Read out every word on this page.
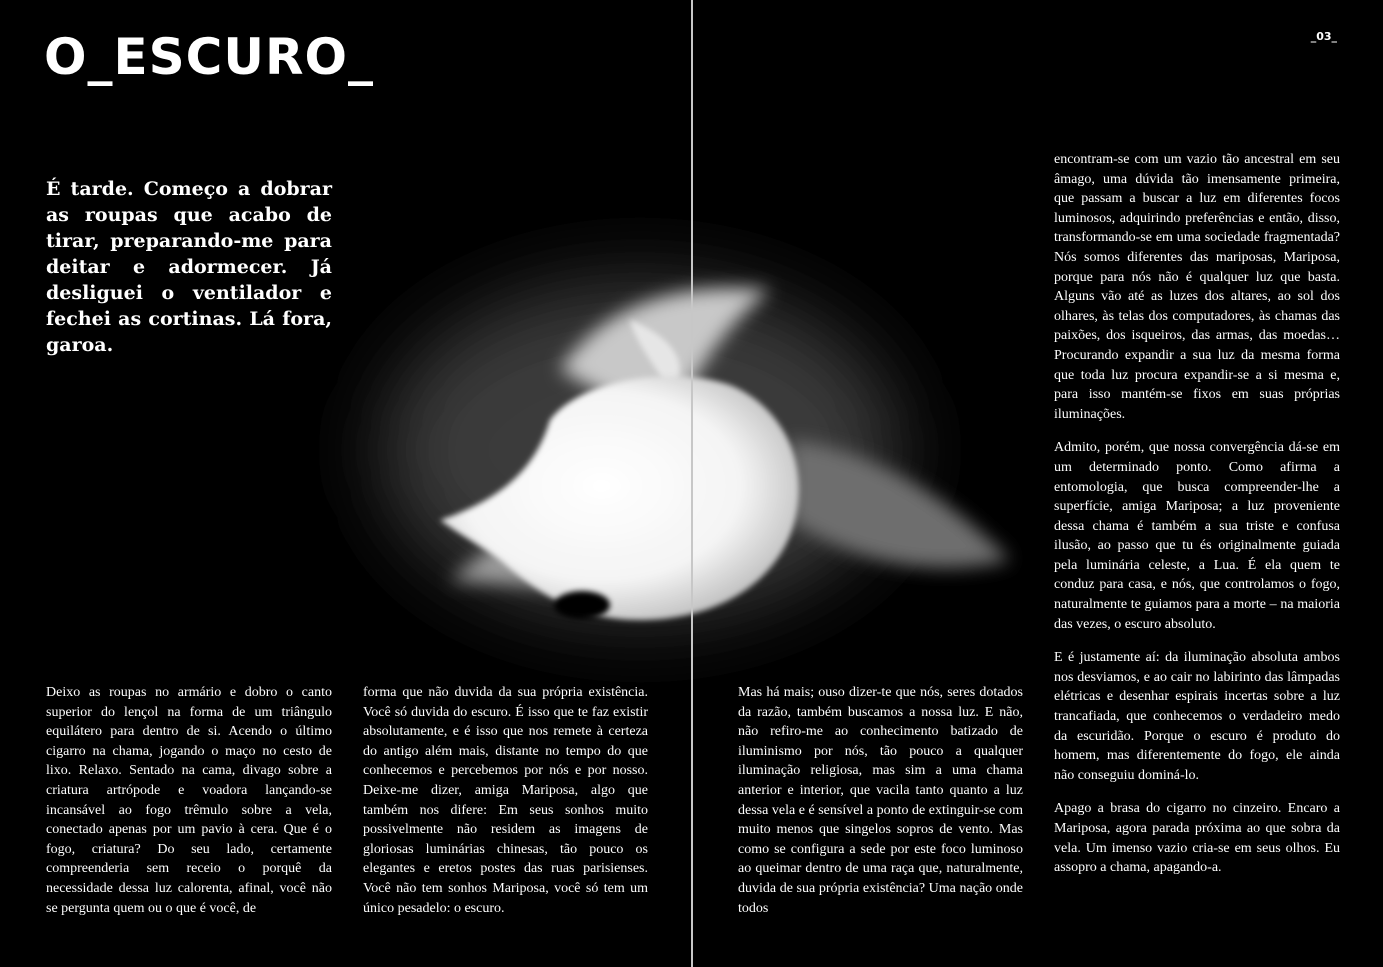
O_ESCURO_	_03_

É tarde. Começo a dobrar as roupas que acabo de tirar, preparando-me para deitar e adormecer. Já desliguei o ventilador e fechei as cortinas. Lá fora, garoa.

Deixo as roupas no armário e dobro o canto superior do lençol na forma de um triângulo equilátero para dentro de si. Acendo o último cigarro na chama, jogando o maço no cesto de lixo. Relaxo. Sentado na cama, divago sobre a criatura artrópode e voadora lançando-se incansável ao fogo trêmulo sobre a vela, conectado apenas por um pavio à cera. Que é o fogo, criatura? Do seu lado, certamente compreenderia sem receio o porquê da necessidade dessa luz calorenta, afinal, você não se pergunta quem ou o que é você, de

forma que não duvida da sua própria existência. Você só duvida do escuro. É isso que te faz existir absolutamente, e é isso que nos remete à certeza do antigo além mais, distante no tempo do que conhecemos e percebemos por nós e por nosso. Deixe-me dizer, amiga Mariposa, algo que também nos difere: Em seus sonhos muito possivelmente não residem as imagens de gloriosas luminárias chinesas, tão pouco os elegantes e eretos postes das ruas parisienses. Você não tem sonhos Mariposa, você só tem um único pesadelo: o escuro.

Mas há mais; ouso dizer-te que nós, seres dotados da razão, também buscamos a nossa luz. E não, não refiro-me ao conhecimento batizado de iluminismo por nós, tão pouco a qualquer iluminação religiosa, mas sim a uma chama anterior e interior, que vacila tanto quanto a luz dessa vela e é sensível a ponto de extinguir-se com muito menos que singelos sopros de vento. Mas como se configura a sede por este foco luminoso ao queimar dentro de uma raça que, naturalmente, duvida de sua própria existência? Uma nação onde todos

encontram-se com um vazio tão ancestral em seu âmago, uma dúvida tão imensamente primeira, que passam a buscar a luz em diferentes focos luminosos, adquirindo preferências e então, disso, transformando-se em uma sociedade fragmentada? Nós somos diferentes das mariposas, Mariposa, porque para nós não é qualquer luz que basta. Alguns vão até as luzes dos altares, ao sol dos olhares, às telas dos computadores, às chamas das paixões, dos isqueiros, das armas, das moedas… Procurando expandir a sua luz da mesma forma que toda luz procura expandir-se a si mesma e, para isso mantém-se fixos em suas próprias iluminações.

Admito, porém, que nossa convergência dá-se em um determinado ponto. Como afirma a entomologia, que busca compreender-lhe a superfície, amiga Mariposa; a luz proveniente dessa chama é também a sua triste e confusa ilusão, ao passo que tu és originalmente guiada pela luminária celeste, a Lua. É ela quem te conduz para casa, e nós, que controlamos o fogo, naturalmente te guiamos para a morte – na maioria das vezes, o escuro absoluto.

E é justamente aí: da iluminação absoluta ambos nos desviamos, e ao cair no labirinto das lâmpadas elétricas e desenhar espirais incertas sobre a luz trancafiada, que conhecemos o verdadeiro medo da escuridão. Porque o escuro é produto do homem, mas diferentemente do fogo, ele ainda não conseguiu dominá-lo.

Apago a brasa do cigarro no cinzeiro. Encaro a Mariposa, agora parada próxima ao que sobra da vela. Um imenso vazio cria-se em seus olhos. Eu assopro a chama, apagando-a.
